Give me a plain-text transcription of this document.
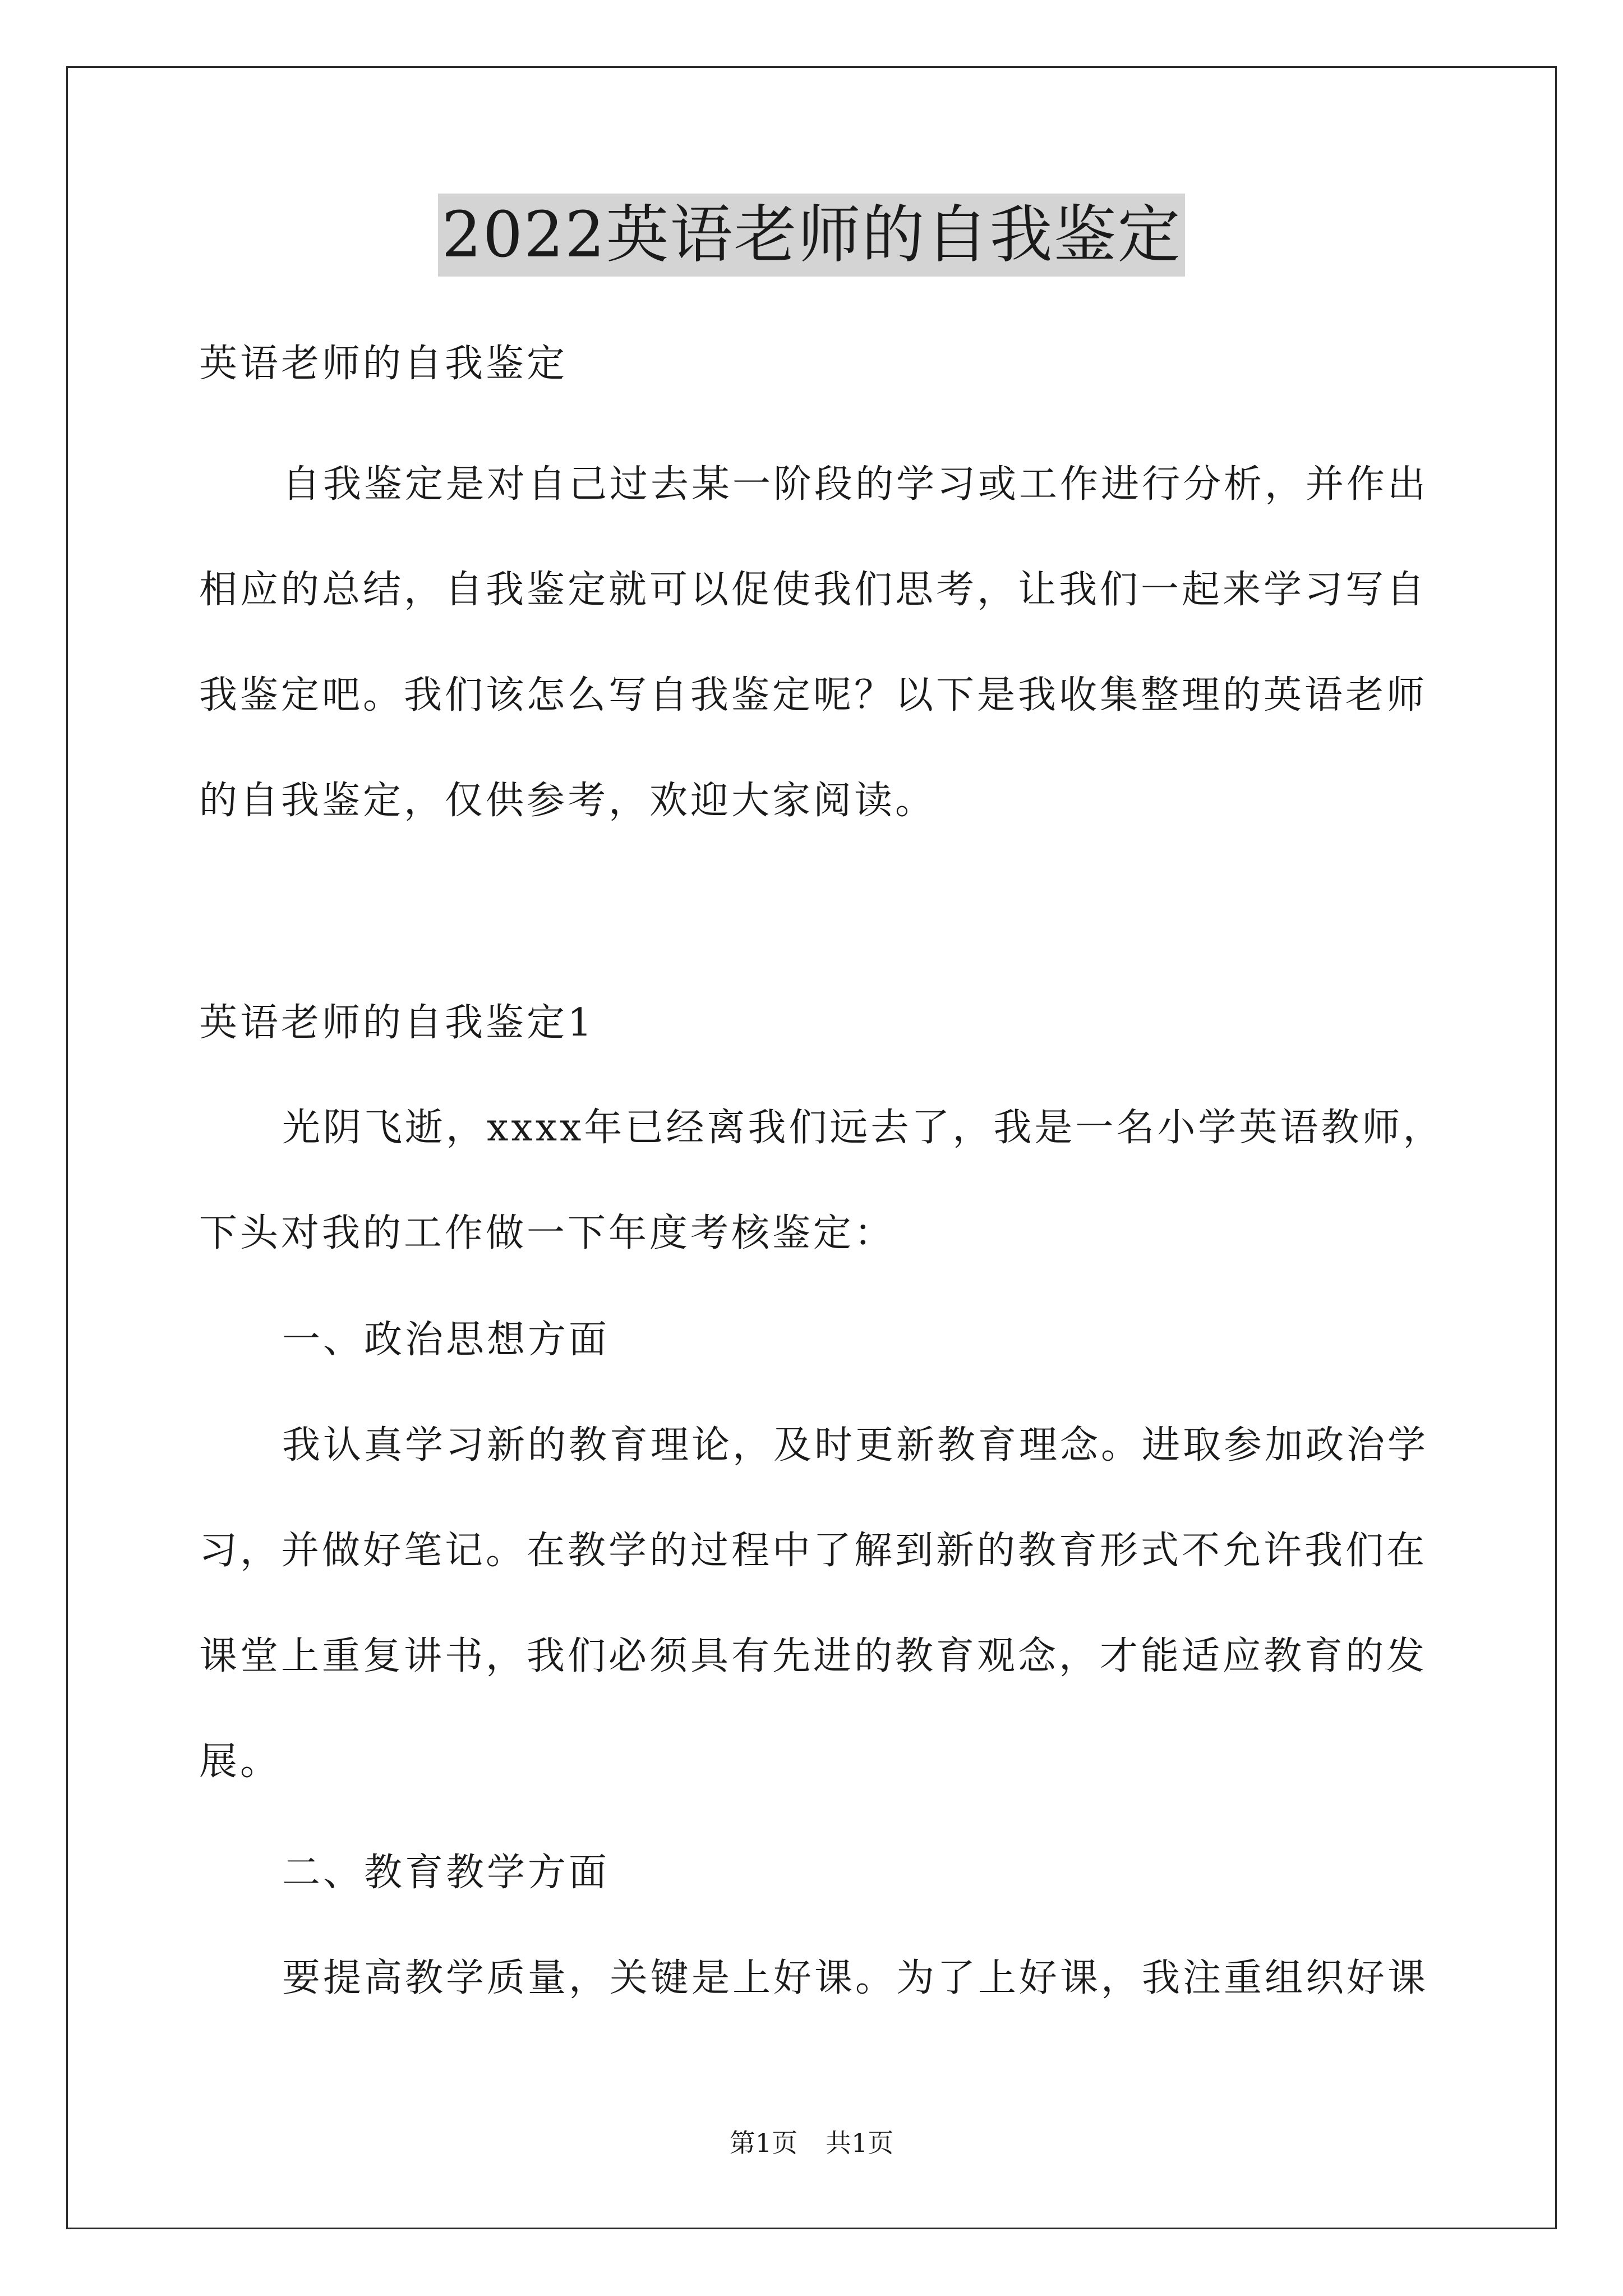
2022英语老师的自我鉴定

英语老师的自我鉴定

自我鉴定是对自己过去某一阶段的学习或工作进行分析，并作出
相应的总结，自我鉴定就可以促使我们思考，让我们一起来学习写自
我鉴定吧。我们该怎么写自我鉴定呢？以下是我收集整理的英语老师
的自我鉴定，仅供参考，欢迎大家阅读。

英语老师的自我鉴定1

光阴飞逝，xxxx年已经离我们远去了，我是一名小学英语教师，
下头对我的工作做一下年度考核鉴定：

一、政治思想方面

我认真学习新的教育理论，及时更新教育理念。进取参加政治学
习，并做好笔记。在教学的过程中了解到新的教育形式不允许我们在
课堂上重复讲书，我们必须具有先进的教育观念，才能适应教育的发
展。

二、教育教学方面

要提高教学质量，关键是上好课。为了上好课，我注重组织好课

第1页 共1页
